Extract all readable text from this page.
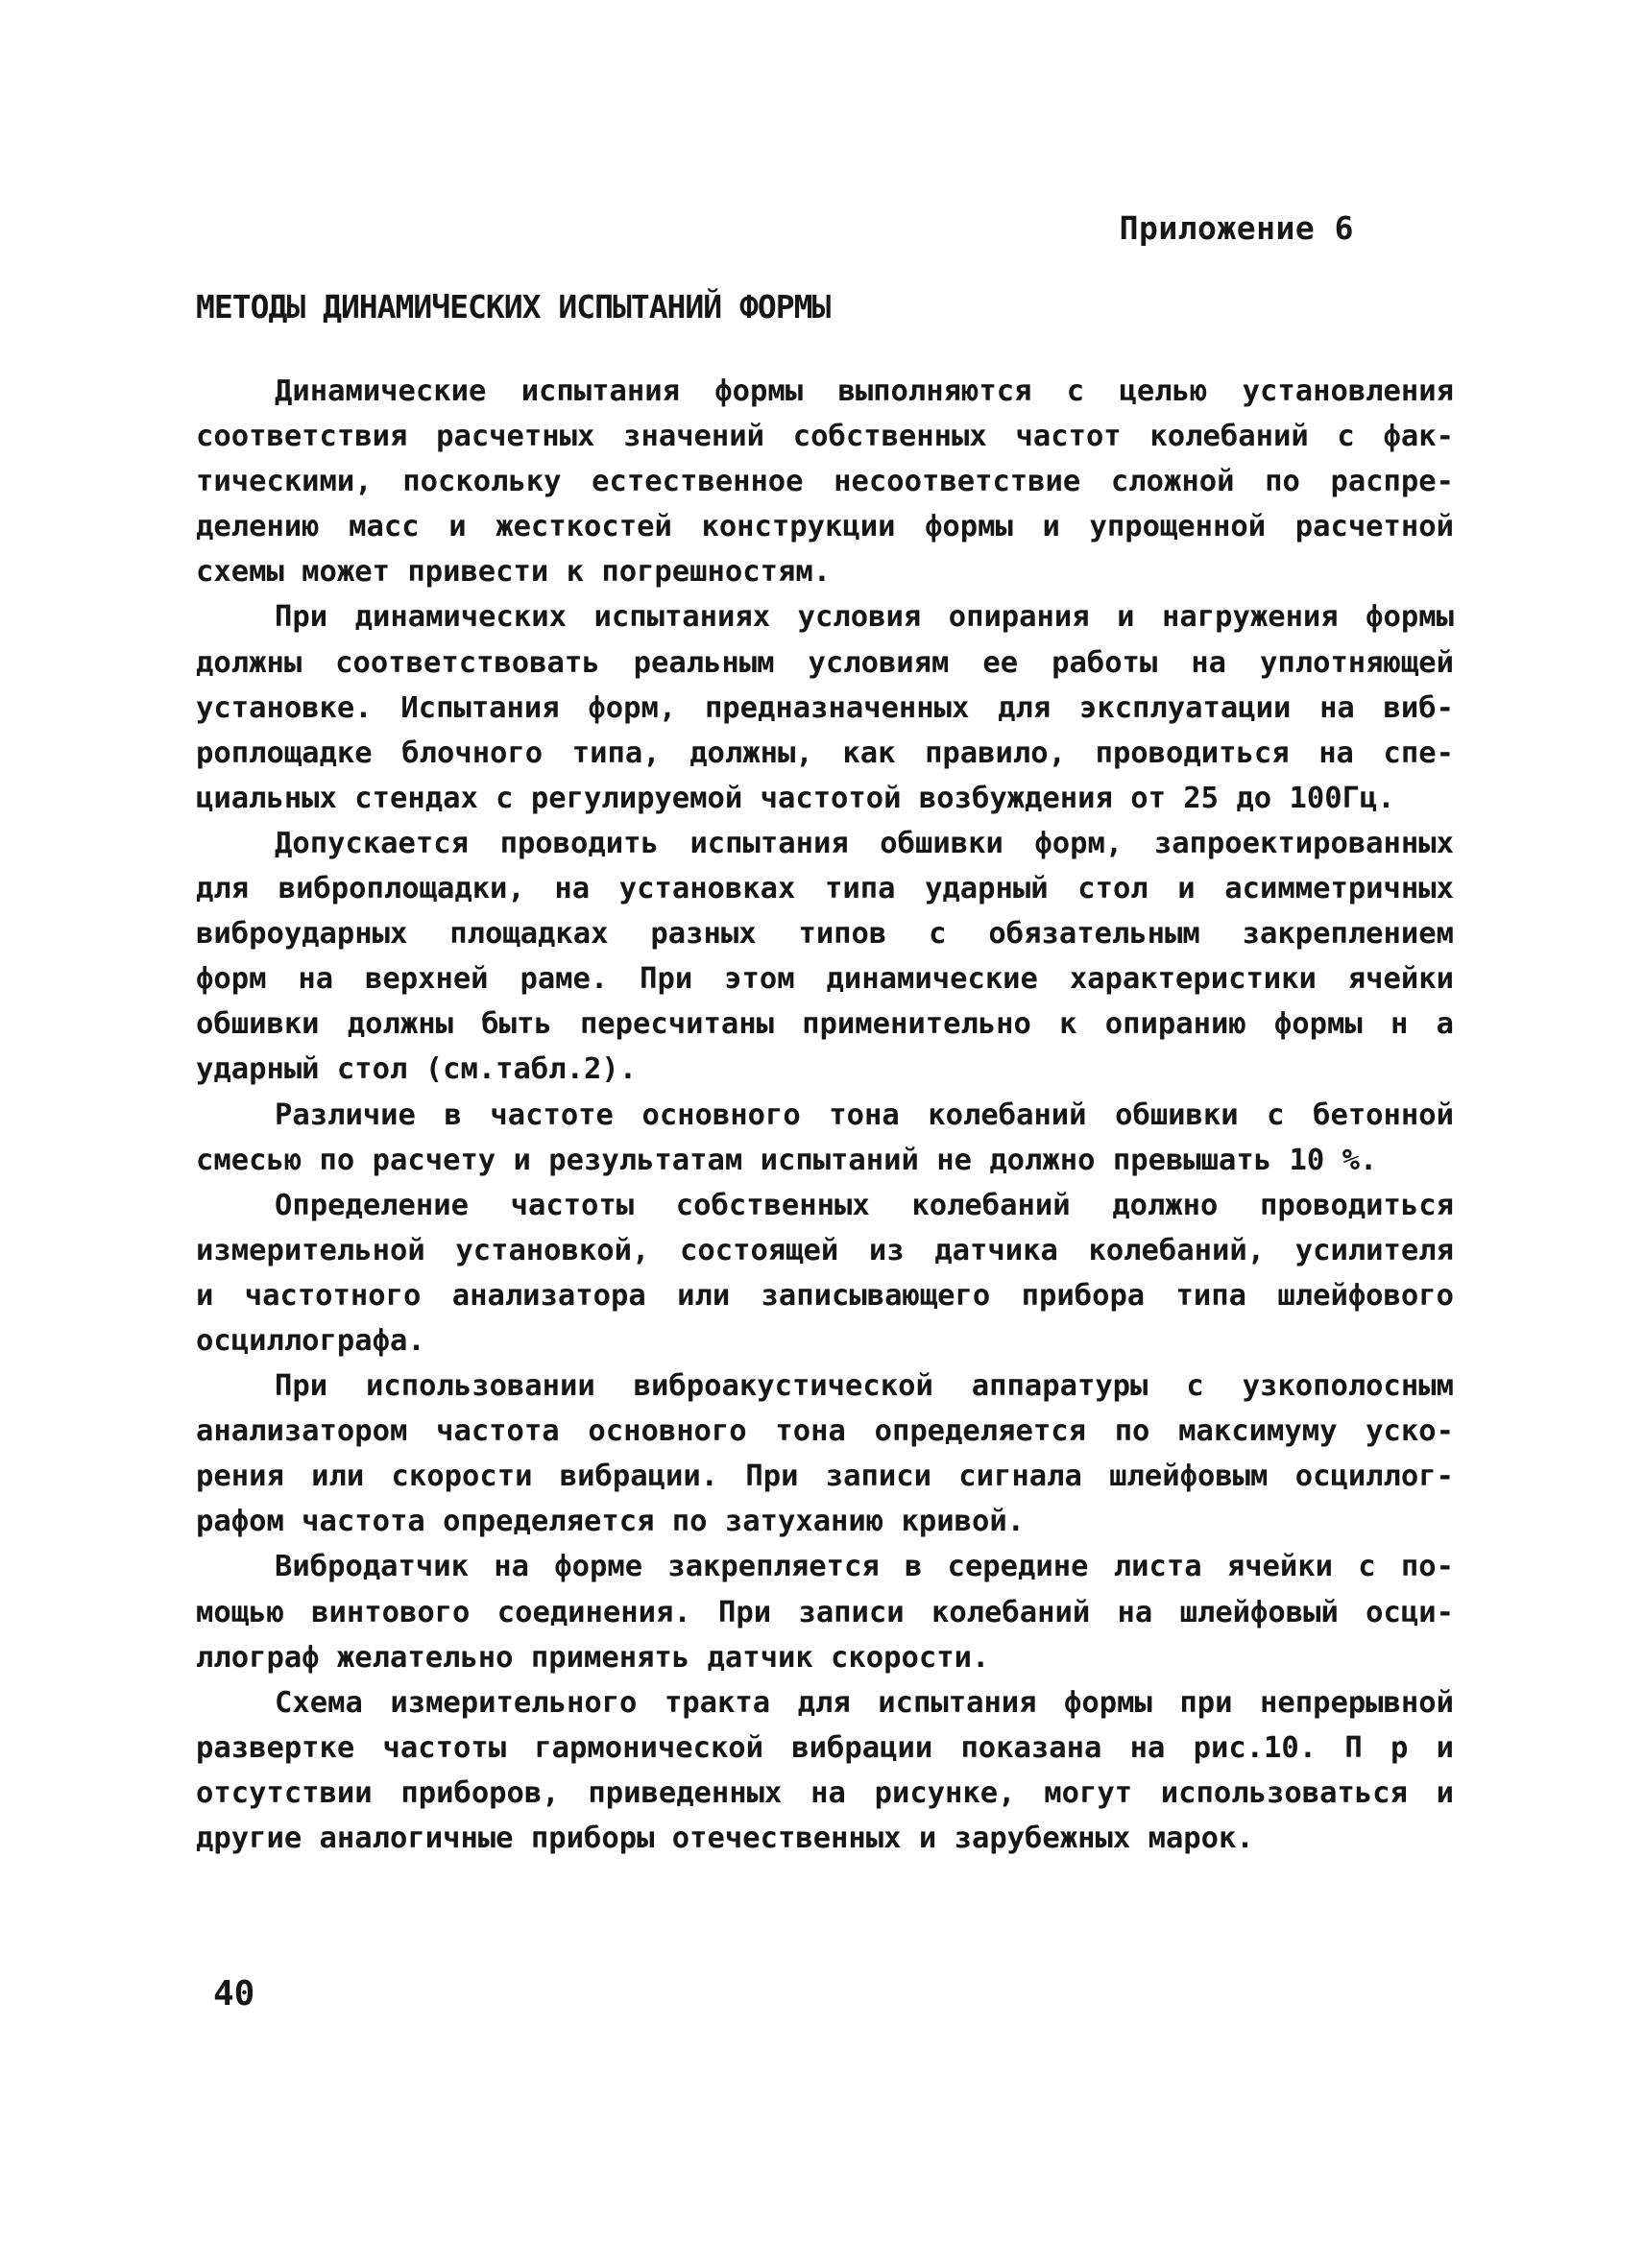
Приложение 6
МЕТОДЫ ДИНАМИЧЕСКИХ ИСПЫТАНИЙ ФОРМЫ
Динамические испытания формы выполняются с целью установления
соответствия расчетных значений собственных частот колебаний с фак-
тическими, поскольку естественное несоответствие сложной по распре-
делению масс и жесткостей конструкции формы и упрощенной расчетной
схемы может привести к погрешностям.
При динамических испытаниях условия опирания и нагружения формы
должны соответствовать реальным условиям ее работы на уплотняющей
установке. Испытания форм, предназначенных для эксплуатации на виб-
роплощадке блочного типа, должны, как правило, проводиться на спе-
циальных стендах с регулируемой частотой возбуждения от 25 до 100Гц.
Допускается проводить испытания обшивки форм, запроектированных
для виброплощадки, на установках типа ударный стол и асимметричных
виброударных площадках разных типов с обязательным закреплением
форм на верхней раме. При этом динамические характеристики ячейки
обшивки должны быть пересчитаны применительно к опиранию формы н а
ударный стол (см.табл.2).
Различие в частоте основного тона колебаний обшивки с бетонной
смесью по расчету и результатам испытаний не должно превышать 10 %.
Определение частоты собственных колебаний должно проводиться
измерительной установкой, состоящей из датчика колебаний, усилителя
и частотного анализатора или записывающего прибора типа шлейфового
осциллографа.
При использовании виброакустической аппаратуры с узкополосным
анализатором частота основного тона определяется по максимуму уско-
рения или скорости вибрации. При записи сигнала шлейфовым осциллог-
рафом частота определяется по затуханию кривой.
Вибродатчик на форме закрепляется в середине листа ячейки с по-
мощью винтового соединения. При записи колебаний на шлейфовый осци-
ллограф желательно применять датчик скорости.
Схема измерительного тракта для испытания формы при непрерывной
развертке частоты гармонической вибрации показана на рис.10. П р и
отсутствии приборов, приведенных на рисунке, могут использоваться и
другие аналогичные приборы отечественных и зарубежных марок.
40
